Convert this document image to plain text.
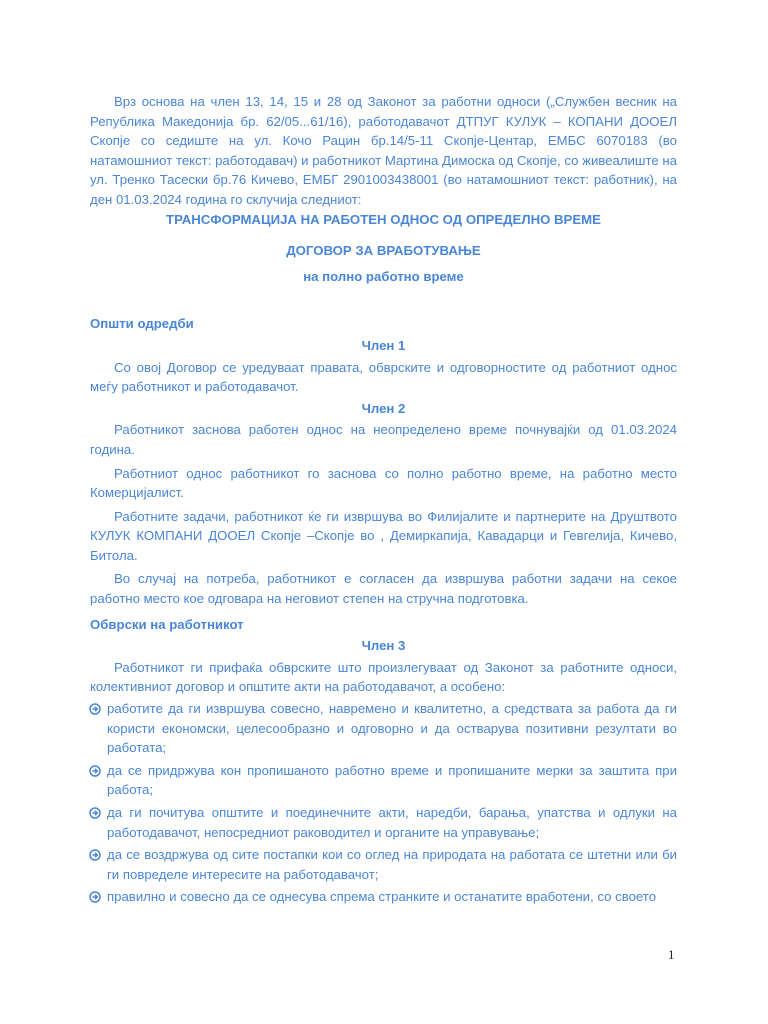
Врз основа на член 13, 14, 15 и 28 од Законот за работни односи („Службен весник на Република Македонија бр. 62/05...61/16), работодавачот ДТПУГ КУЛУК – КОПАНИ ДООЕЛ Скопје со седиште на ул. Кочо Рацин бр.14/5-11 Скопје-Центар, ЕМБС 6070183 (во натамошниот текст: работодавач) и работникот Мартина Димоска од Скопје, со живеалиште на ул. Тренко Тасески бр.76 Кичево, ЕМБГ 2901003438001 (во натамошниот текст: работник), на ден 01.03.2024 година го склучија следниот:

ТРАНСФОРМАЦИЈА НА РАБОТЕН ОДНОС ОД ОПРЕДЕЛНО ВРЕМЕ

ДОГОВОР ЗА ВРАБОТУВАЊЕ

на полно работно време

Општи одредби

Член 1

Со овој Договор се уредуваат правата, обврските и одговорностите од работниот однос меѓу работникот и работодавачот.

Член 2

Работникот заснова работен однос на неопределено време почнувајќи од 01.03.2024 година.

Работниот однос работникот го заснова со полно работно време, на работно место Комерцијалист.

Работните задачи, работникот ќе ги извршува во Филијалите и партнерите на Друштвото КУЛУК КОМПАНИ ДООЕЛ Скопје –Скопје во , Демиркапија, Кавадарци и Гевгелија, Кичево, Битола.

Во случај на потреба, работникот е согласен да извршува работни задачи на секое работно место кое одговара на неговиот степен на стручна подготовка.

Обврски на работникот

Член 3

Работникот ги прифаќа обврските што произлегуваат од Законот за работните односи, колективниот договор и општите акти на работодавачот, а особено:

работите да ги извршува совесно, навремено и квалитетно, а средствата за работа да ги користи економски, целесообразно и одговорно и да остварува позитивни резултати во работата;
да се придржува кон пропишаното работно време и пропишаните мерки за заштита при работа;
да ги почитува општите и поединечните акти, наредби, барања, упатства и одлуки на работодавачот, непосредниот раководител и органите на управување;
да се воздржува од сите постапки кои со оглед на природата на работата се штетни или би ги повределе интересите на работодавачот;
правилно и совесно да се однесува спрема странките и останатите вработени, со своето
1
